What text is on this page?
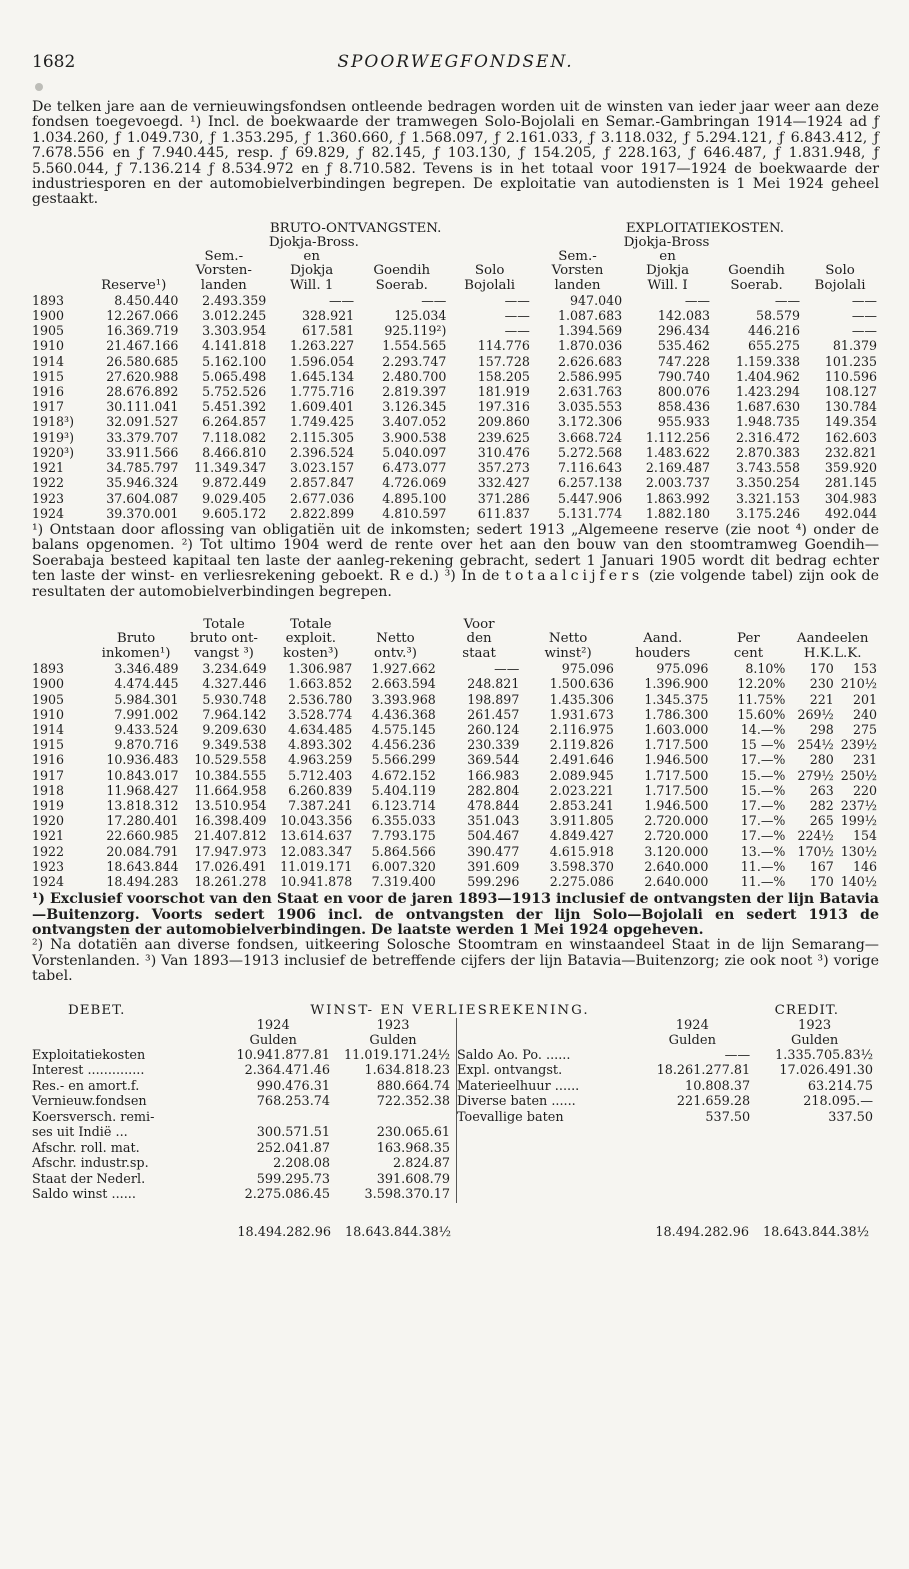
1682	SPOORWEGFONDSEN.

De telken jare aan de vernieuwingsfondsen ontleende bedragen worden uit de winsten van ieder jaar weer aan deze fondsen toegevoegd. ¹) Incl. de boekwaarde der tramwegen Solo-Bojolali en Semar.-Gambringan 1914—1924 ad ƒ 1.034.260, ƒ 1.049.730, ƒ 1.353.295, ƒ 1.360.660, ƒ 1.568.097, ƒ 2.161.033, ƒ 3.118.032, ƒ 5.294.121, ƒ 6.843.412, ƒ 7.678.556 en ƒ 7.940.445, resp. ƒ 69.829, ƒ 82.145, ƒ 103.130, ƒ 154.205, ƒ 228.163, ƒ 646.487, ƒ 1.831.948, ƒ 5.560.044, ƒ 7.136.214 ƒ 8.534.972 en ƒ 8.710.582. Tevens is in het totaal voor 1917—1924 de boekwaarde der industriesporen en der automobielverbindingen begrepen. De exploitatie van autodiensten is 1 Mei 1924 geheel gestaakt.

		BRUTO-ONTVANGSTEN.				EXPLOITATIEKOSTEN.			
		Djokja-Bross.				Djokja-Bross			
		Sem.-	en			Sem.-	en		
		Vorsten-	Djokja	Goendih	Solo	Vorsten	Djokja	Goendih	Solo
	Reserve¹)	landen	Will. 1	Soerab.	Bojolali	landen	Will. I	Soerab.	Bojolali
1893	8.450.440	2.493.359	——	——	——	947.040	——	——	——
1900	12.267.066	3.012.245	328.921	125.034	——	1.087.683	142.083	58.579	——
1905	16.369.719	3.303.954	617.581	925.119²)	——	1.394.569	296.434	446.216	——
1910	21.467.166	4.141.818	1.263.227	1.554.565	114.776	1.870.036	535.462	655.275	81.379
1914	26.580.685	5.162.100	1.596.054	2.293.747	157.728	2.626.683	747.228	1.159.338	101.235
1915	27.620.988	5.065.498	1.645.134	2.480.700	158.205	2.586.995	790.740	1.404.962	110.596
1916	28.676.892	5.752.526	1.775.716	2.819.397	181.919	2.631.763	800.076	1.423.294	108.127
1917	30.111.041	5.451.392	1.609.401	3.126.345	197.316	3.035.553	858.436	1.687.630	130.784
1918³)	32.091.527	6.264.857	1.749.425	3.407.052	209.860	3.172.306	955.933	1.948.735	149.354
1919³)	33.379.707	7.118.082	2.115.305	3.900.538	239.625	3.668.724	1.112.256	2.316.472	162.603
1920³)	33.911.566	8.466.810	2.396.524	5.040.097	310.476	5.272.568	1.483.622	2.870.383	232.821
1921	34.785.797	11.349.347	3.023.157	6.473.077	357.273	7.116.643	2.169.487	3.743.558	359.920
1922	35.946.324	9.872.449	2.857.847	4.726.069	332.427	6.257.138	2.003.737	3.350.254	281.145
1923	37.604.087	9.029.405	2.677.036	4.895.100	371.286	5.447.906	1.863.992	3.321.153	304.983
1924	39.370.001	9.605.172	2.822.899	4.810.597	611.837	5.131.774	1.882.180	3.175.246	492.044

¹) Ontstaan door aflossing van obligatiën uit de inkomsten; sedert 1913 „Algemeene reserve (zie noot ⁴) onder de balans opgenomen. ²) Tot ultimo 1904 werd de rente over het aan den bouw van den stoomtramweg Goendih—Soerabaja besteed kapitaal ten laste der aanleg-rekening gebracht, sedert 1 Januari 1905 wordt dit bedrag echter ten laste der winst- en verliesrekening geboekt. R e d.) ³) In de totaalcijfers (zie volgende tabel) zijn ook de resultaten der automobielverbindingen begrepen.

		Totale	Totale		Voor					
	Bruto	bruto ont-	exploit.	Netto	den	Netto	Aand.	Per	Aandeelen	
	inkomen¹)	vangst ³)	kosten³)	ontv.³)	staat	winst²)	houders	cent	H.K.L.K.	
1893	3.346.489	3.234.649	1.306.987	1.927.662	——	975.096	975.096	8.10%	170	153
1900	4.474.445	4.327.446	1.663.852	2.663.594	248.821	1.500.636	1.396.900	12.20%	230	210½
1905	5.984.301	5.930.748	2.536.780	3.393.968	198.897	1.435.306	1.345.375	11.75%	221	201
1910	7.991.002	7.964.142	3.528.774	4.436.368	261.457	1.931.673	1.786.300	15.60%	269½	240
1914	9.433.524	9.209.630	4.634.485	4.575.145	260.124	2.116.975	1.603.000	14.—%	298	275
1915	9.870.716	9.349.538	4.893.302	4.456.236	230.339	2.119.826	1.717.500	15 —%	254½	239½
1916	10.936.483	10.529.558	4.963.259	5.566.299	369.544	2.491.646	1.946.500	17.—%	280	231
1917	10.843.017	10.384.555	5.712.403	4.672.152	166.983	2.089.945	1.717.500	15.—%	279½	250½
1918	11.968.427	11.664.958	6.260.839	5.404.119	282.804	2.023.221	1.717.500	15.—%	263	220
1919	13.818.312	13.510.954	7.387.241	6.123.714	478.844	2.853.241	1.946.500	17.—%	282	237½
1920	17.280.401	16.398.409	10.043.356	6.355.033	351.043	3.911.805	2.720.000	17.—%	265	199½
1921	22.660.985	21.407.812	13.614.637	7.793.175	504.467	4.849.427	2.720.000	17.—%	224½	154
1922	20.084.791	17.947.973	12.083.347	5.864.566	390.477	4.615.918	3.120.000	13.—%	170½	130½
1923	18.643.844	17.026.491	11.019.171	6.007.320	391.609	3.598.370	2.640.000	11.—%	167	146
1924	18.494.283	18.261.278	10.941.878	7.319.400	599.296	2.275.086	2.640.000	11.—%	170	140½

¹) Exclusief voorschot van den Staat en voor de jaren 1893—1913 inclusief de ontvangsten der lijn Batavia—Buitenzorg. Voorts sedert 1906 incl. de ontvangsten der lijn Solo—Bojolali en sedert 1913 de ontvangsten der automobielverbindingen. De laatste werden 1 Mei 1924 opgeheven.

²) Na dotatiën aan diverse fondsen, uitkeering Solosche Stoomtram en winstaandeel Staat in de lijn Semarang—Vorstenlanden. ³) Van 1893—1913 inclusief de betreffende cijfers der lijn Batavia—Buitenzorg; zie ook noot ³) vorige tabel.

DEBET.	WINST- EN VERLIESREKENING.	CREDIT.
	1924	1923
	Gulden	Gulden
Exploitatiekosten	10.941.877.81	11.019.171.24½
Interest ..............	2.364.471.46	1.634.818.23
Res.- en amort.f.	990.476.31	880.664.74
Vernieuw.fondsen	768.253.74	722.352.38
Koersversch. remi-		
ses uit Indië ...	300.571.51	230.065.61
Afschr. roll. mat.	252.041.87	163.968.35
Afschr. industr.sp.	2.208.08	2.824.87
Staat der Nederl.	599.295.73	391.608.79
Saldo winst ......	2.275.086.45	3.598.370.17
	1924	1923
	Gulden	Gulden
Saldo Ao. Po. ......	——	1.335.705.83½
Expl. ontvangst.	18.261.277.81	17.026.491.30
Materieelhuur ......	10.808.37	63.214.75
Diverse baten ......	221.659.28	218.095.—
Toevallige baten	537.50	337.50
18.494.282.96	18.643.844.38½	18.494.282.96	18.643.844.38½
